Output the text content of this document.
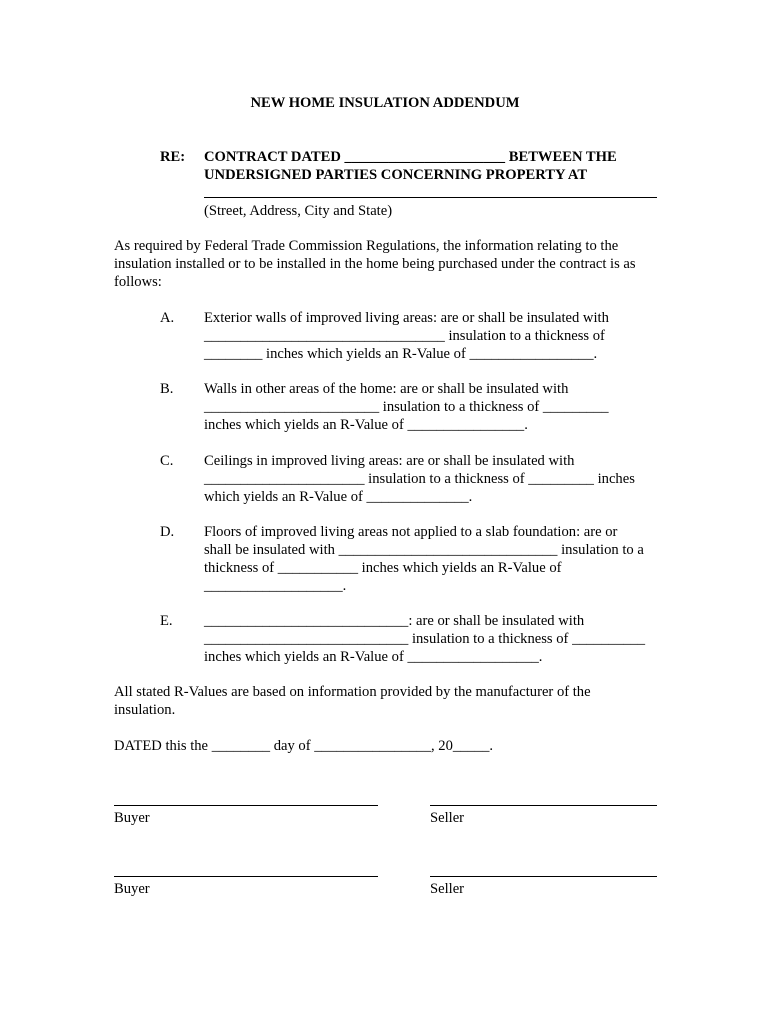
NEW HOME INSULATION ADDENDUM

RE: CONTRACT DATED ______________________ BETWEEN THE
UNDERSIGNED PARTIES CONCERNING PROPERTY AT
(Street, Address, City and State)

As required by Federal Trade Commission Regulations, the information relating to the insulation installed or to be installed in the home being purchased under the contract is as follows:

A. Exterior walls of improved living areas: are or shall be insulated with
_________________________________ insulation to a thickness of
________ inches which yields an R-Value of _________________.
B. Walls in other areas of the home: are or shall be insulated with
________________________ insulation to a thickness of _________
inches which yields an R-Value of ________________.
C. Ceilings in improved living areas: are or shall be insulated with
______________________ insulation to a thickness of _________ inches
which yields an R-Value of ______________.
D. Floors of improved living areas not applied to a slab foundation: are or
shall be insulated with ______________________________ insulation to a
thickness of ___________ inches which yields an R-Value of
___________________.
E. ____________________________: are or shall be insulated with
____________________________ insulation to a thickness of __________
inches which yields an R-Value of __________________.

All stated R-Values are based on information provided by the manufacturer of the insulation.

DATED this the ________ day of ________________, 20_____.

Buyer	Seller
Buyer	Seller
